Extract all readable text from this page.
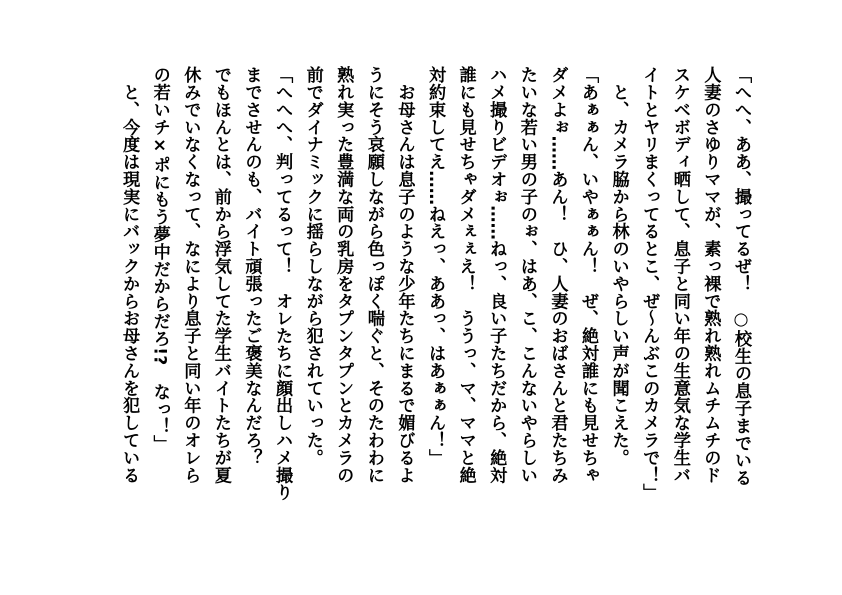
「へへ、ああ、撮ってるぜ！　○校生の息子までいる
人妻のさゆりママが、素っ裸で熟れ熟れムチムチのド
スケベボディ晒して、息子と同い年の生意気な学生バ
イトとヤリまくってるとこ、ぜ～んぶこのカメラで！」
　と、カメラ脇から林のいやらしい声が聞こえた。
「あぁぁん、いやぁぁん！　ぜ、絶対誰にも見せちゃ
ダメよぉ……あん！　ひ、人妻のおばさんと君たちみ
たいな若い男の子のぉ、はあ、こ、こんないやらしい
ハメ撮りビデオぉ……ねっ、良い子たちだから、絶対
誰にも見せちゃダメぇぇえ！　ううっ、マ、ママと絶
対約束してえ……ねえっ、ああっ、はあぁぁん！」
　お母さんは息子のような少年たちにまるで媚びるよ
うにそう哀願しながら色っぽく喘ぐと、そのたわわに
熟れ実った豊満な両の乳房をタプンタプンとカメラの
前でダイナミックに揺らしながら犯されていった。
「へへへ、判ってるって！　オレたちに顔出しハメ撮り
までさせんのも、バイト頑張ったご褒美なんだろ？
でもほんとは、前から浮気してた学生バイトたちが夏
休みでいなくなって、なにより息子と同い年のオレら
の若いチ×ポにもう夢中だからだろ!?　なっ！」
　と、今度は現実にバックからお母さんを犯している
